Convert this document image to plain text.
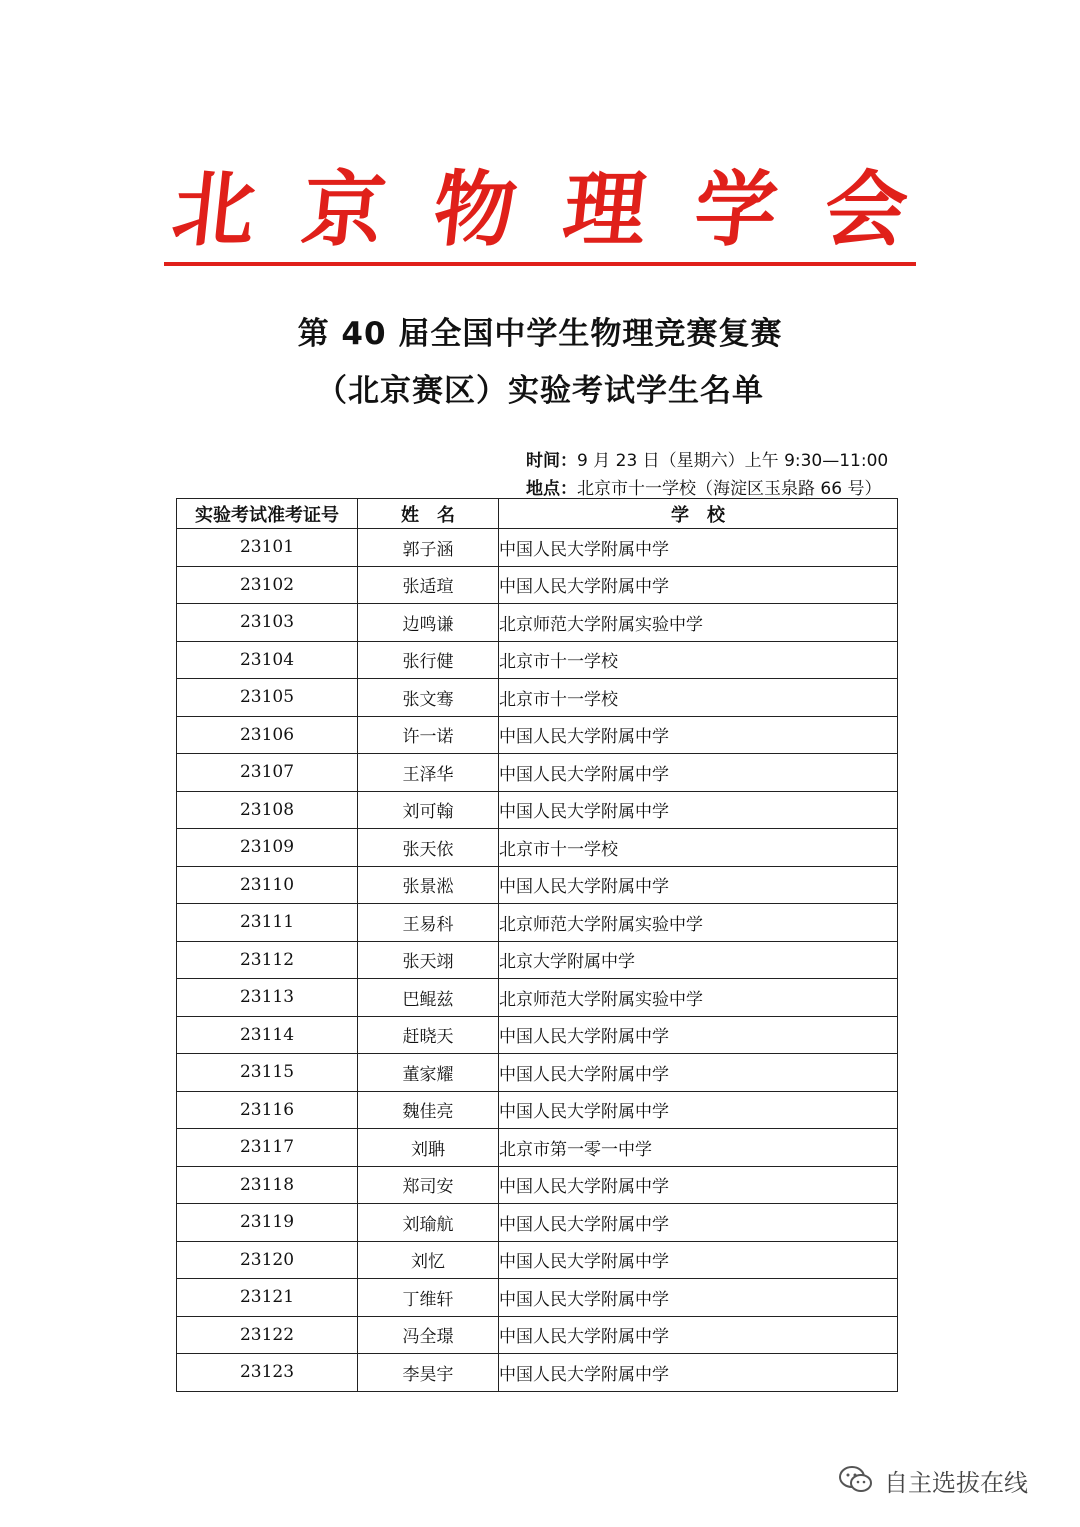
北 京 物 理 学 会
第 40 届全国中学生物理竞赛复赛
（北京赛区）实验考试学生名单
时间：9 月 23 日（星期六）上午 9:30—11:00
地点：北京市十一学校（海淀区玉泉路 66 号）
实验考试准考证号	姓　名	学　校
23101	郭子涵	中国人民大学附属中学
23102	张适瑄	中国人民大学附属中学
23103	边鸣谦	北京师范大学附属实验中学
23104	张行健	北京市十一学校
23105	张文骞	北京市十一学校
23106	许一诺	中国人民大学附属中学
23107	王泽华	中国人民大学附属中学
23108	刘可翰	中国人民大学附属中学
23109	张天依	北京市十一学校
23110	张景淞	中国人民大学附属中学
23111	王易科	北京师范大学附属实验中学
23112	张天翊	北京大学附属中学
23113	巴鲲兹	北京师范大学附属实验中学
23114	赶晓天	中国人民大学附属中学
23115	董家耀	中国人民大学附属中学
23116	魏佳亮	中国人民大学附属中学
23117	刘聃	北京市第一零一中学
23118	郑司安	中国人民大学附属中学
23119	刘瑜航	中国人民大学附属中学
23120	刘忆	中国人民大学附属中学
23121	丁维轩	中国人民大学附属中学
23122	冯全璟	中国人民大学附属中学
23123	李昊宇	中国人民大学附属中学
自主选拔在线
